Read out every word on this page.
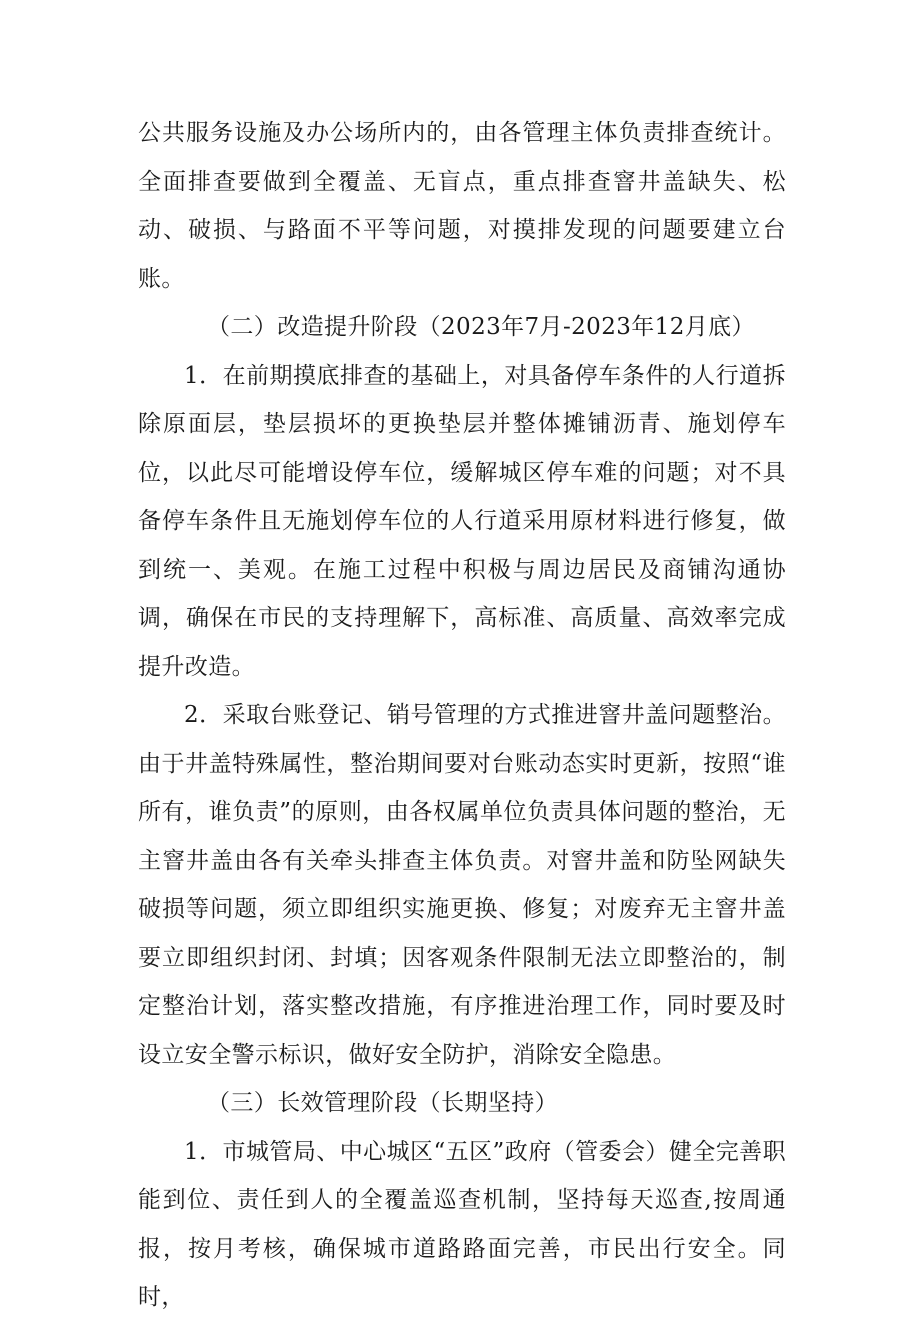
公共服务设施及办公场所内的，由各管理主体负责排查统计。全面排查要做到全覆盖、无盲点，重点排查窨井盖缺失、松动、破损、与路面不平等问题，对摸排发现的问题要建立台账。

（二）改造提升阶段（2023年7月-2023年12月底）

1．在前期摸底排查的基础上，对具备停车条件的人行道拆除原面层，垫层损坏的更换垫层并整体摊铺沥青、施划停车位，以此尽可能增设停车位，缓解城区停车难的问题；对不具备停车条件且无施划停车位的人行道采用原材料进行修复，做到统一、美观。在施工过程中积极与周边居民及商铺沟通协调，确保在市民的支持理解下，高标准、高质量、高效率完成提升改造。

2．采取台账登记、销号管理的方式推进窨井盖问题整治。由于井盖特殊属性，整治期间要对台账动态实时更新，按照“谁所有，谁负责”的原则，由各权属单位负责具体问题的整治，无主窨井盖由各有关牵头排查主体负责。对窨井盖和防坠网缺失破损等问题，须立即组织实施更换、修复；对废弃无主窨井盖要立即组织封闭、封填；因客观条件限制无法立即整治的，制定整治计划，落实整改措施，有序推进治理工作，同时要及时设立安全警示标识，做好安全防护，消除安全隐患。

（三）长效管理阶段（长期坚持）

1．市城管局、中心城区“五区”政府（管委会）健全完善职能到位、责任到人的全覆盖巡查机制，坚持每天巡查,按周通报，按月考核，确保城市道路路面完善，市民出行安全。同时，
